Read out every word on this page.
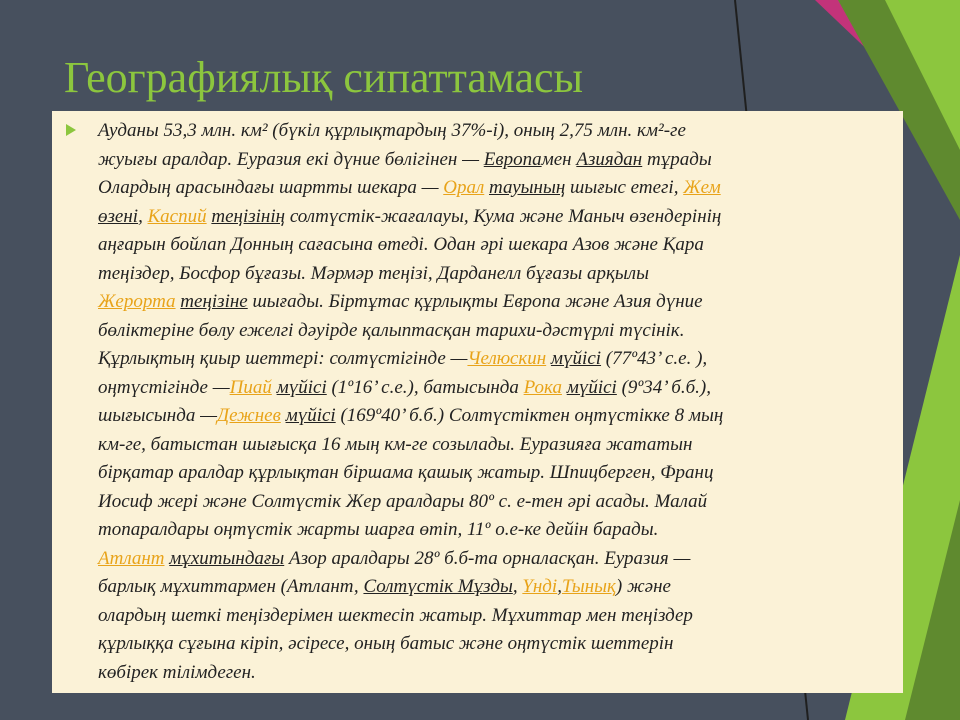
Географиялық сипаттамасы
Ауданы 53,3 млн. км² (бүкіл құрлықтардың 37%-і), оның 2,75 млн. км²-ге
жуығы аралдар. Еуразия екі дүние бөлігінен — Европамен Азиядан тұрады
Олардың арасындағы шартты шекара — Орал тауының шығыс етегі, Жем
өзені, Каспий теңізінің солтүстік-жағалауы, Кума және Маныч өзендерінің
аңғарын бойлап Донның сағасына өтеді. Одан әрі шекара Азов және Қара
теңіздер, Босфор бұғазы. Мәрмәр теңізі, Дарданелл бұғазы арқылы
Жерорта теңізіне шығады. Біртұтас құрлықты Европа және Азия дүние
бөліктеріне бөлу ежелгі дәуірде қалыптасқан тарихи-дәстүрлі түсінік.
Құрлықтың қиыр шеттері: солтүстігінде —Челюскин мүйісі (77º43’ с.е. ),
оңтүстігінде —Пиай мүйісі (1º16’ с.е.), батысында Рока мүйісі (9º34’ б.б.),
шығысында —Дежнев мүйісі (169º40’ б.б.) Солтүстіктен оңтүстікке 8 мың
км-ге, батыстан шығысқа 16 мың км-ге созылады. Еуразияға жататын
бірқатар аралдар құрлықтан біршама қашық жатыр. Шпицберген, Франц
Иосиф жері және Солтүстік Жер аралдары 80º с. е-тен әрі асады. Малай
топаралдары оңтүстік жарты шарға өтіп, 11º о.е-ке дейін барады.
Атлант мұхитындағы Азор аралдары 28º б.б-та орналасқан. Еуразия —
барлық мұхиттармен (Атлант, Солтүстік Мұзды, Үнді,Тынық) және
олардың шеткі теңіздерімен шектесіп жатыр. Мұхиттар мен теңіздер
құрлыққа сұғына кіріп, әсіресе, оның батыс және оңтүстік шеттерін
көбірек тілімдеген.
